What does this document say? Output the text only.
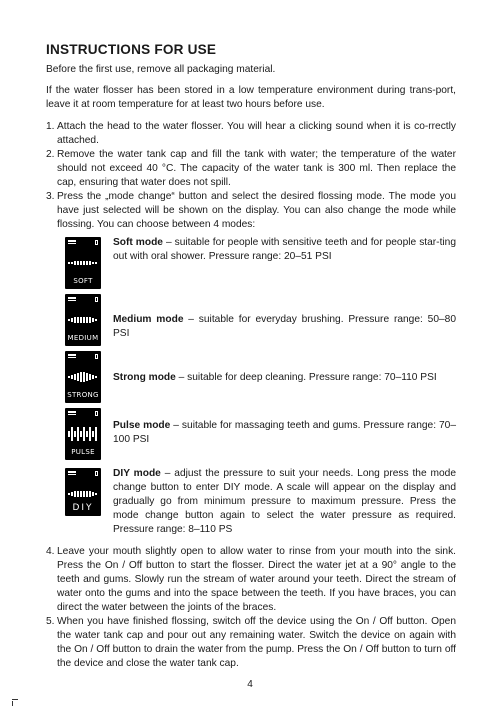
INSTRUCTIONS FOR USE

Before the first use, remove all packaging material.

If the water flosser has been stored in a low temperature environment during trans-port, leave it at room temperature for at least two hours before use.

1. Attach the head to the water flosser. You will hear a clicking sound when it is co-rrectly attached.
2. Remove the water tank cap and fill the tank with water; the temperature of the water should not exceed 40 °C. The capacity of the water tank is 300 ml. Then replace the cap, ensuring that water does not spill.
3. Press the „mode change“ button and select the desired flossing mode. The mode you have just selected will be shown on the display. You can also change the mode while flossing. You can choose between 4 modes:
SOFT
Soft mode – suitable for people with sensitive teeth and for people star-ting out with oral shower. Pressure range: 20–51 PSI
MEDIUM
Medium mode – suitable for everyday brushing. Pressure range: 50–80 PSI
STRONG
Strong mode – suitable for deep cleaning. Pressure range: 70–110 PSI
PULSE
Pulse mode – suitable for massaging teeth and gums. Pressure range: 70–100 PSI
DIY
DIY mode – adjust the pressure to suit your needs. Long press the mode change button to enter DIY mode. A scale will appear on the display and gradually go from minimum pressure to maximum pressure. Press the mode change button again to select the water pressure as required. Pressure range: 8–110 PS
4. Leave your mouth slightly open to allow water to rinse from your mouth into the sink. Press the On / Off button to start the flosser. Direct the water jet at a 90° angle to the teeth and gums. Slowly run the stream of water around your teeth. Direct the stream of water onto the gums and into the space between the teeth. If you have braces, you can direct the water between the joints of the braces.
5. When you have finished flossing, switch off the device using the On / Off button. Open the water tank cap and pour out any remaining water. Switch the device on again with the On / Off button to drain the water from the pump. Press the On / Off button to turn off the device and close the water tank cap.
4
